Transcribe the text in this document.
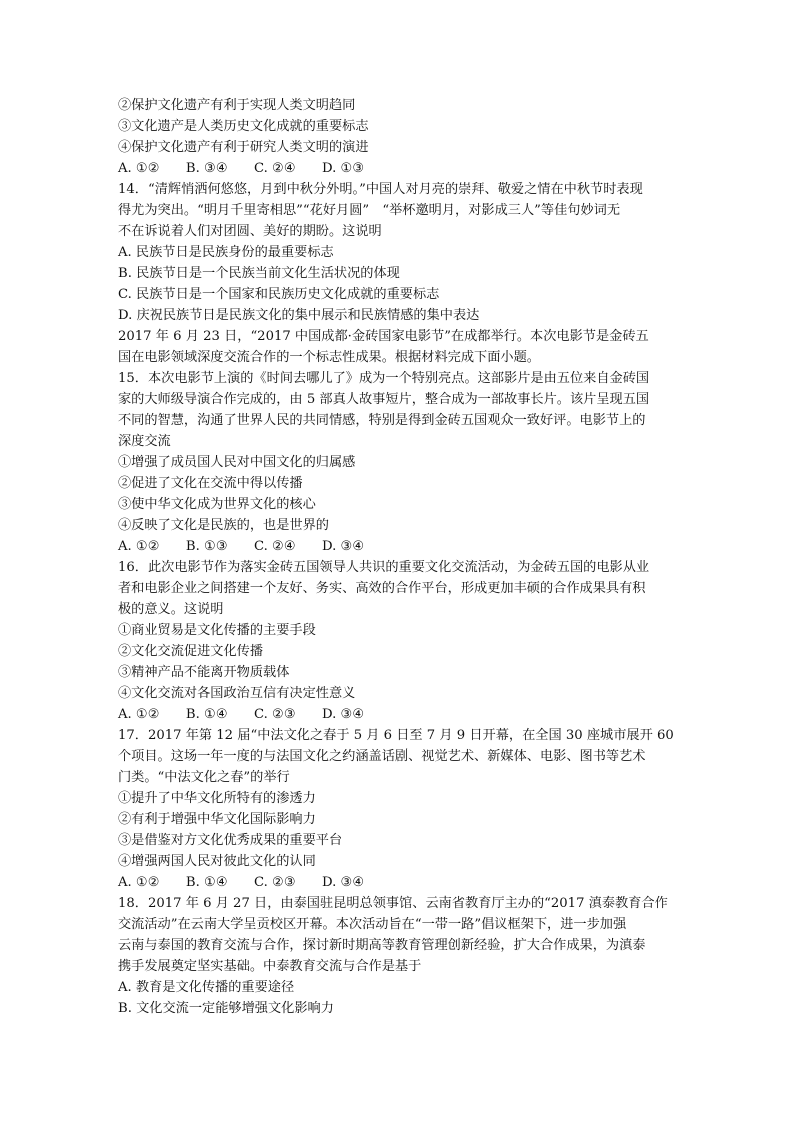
②保护文化遗产有利于实现人类文明趋同
③文化遗产是人类历史文化成就的重要标志
④保护文化遗产有利于研究人类文明的演进
A. ①②　　B. ③④　　C. ②④　　D. ①③
14．“清辉悄洒何悠悠，月到中秋分外明。”中国人对月亮的崇拜、敬爱之情在中秋节时表现
得尤为突出。“明月千里寄相思”“花好月圆”　“举杯邀明月，对影成三人”等佳句妙词无
不在诉说着人们对团圆、美好的期盼。这说明
A. 民族节日是民族身份的最重要标志
B. 民族节日是一个民族当前文化生活状况的体现
C. 民族节日是一个国家和民族历史文化成就的重要标志
D. 庆祝民族节日是民族文化的集中展示和民族情感的集中表达
2017 年 6 月 23 日，“2017 中国成都·金砖国家电影节”在成都举行。本次电影节是金砖五
国在电影领域深度交流合作的一个标志性成果。根据材料完成下面小题。
15．本次电影节上演的《时间去哪儿了》成为一个特别亮点。这部影片是由五位来自金砖国
家的大师级导演合作完成的，由 5 部真人故事短片，整合成为一部故事长片。该片呈现五国
不同的智慧，沟通了世界人民的共同情感，特别是得到金砖五国观众一致好评。电影节上的
深度交流
①增强了成员国人民对中国文化的归属感
②促进了文化在交流中得以传播
③使中华文化成为世界文化的核心
④反映了文化是民族的，也是世界的
A. ①②　　B. ①③　　C. ②④　　D. ③④
16．此次电影节作为落实金砖五国领导人共识的重要文化交流活动，为金砖五国的电影从业
者和电影企业之间搭建一个友好、务实、高效的合作平台，形成更加丰硕的合作成果具有积
极的意义。这说明
①商业贸易是文化传播的主要手段
②文化交流促进文化传播
③精神产品不能离开物质载体
④文化交流对各国政治互信有决定性意义
A. ①②　　B. ①④　　C. ②③　　D. ③④
17．2017 年第 12 届“中法文化之春于 5 月 6 日至 7 月 9 日开幕，在全国 30 座城市展开 60
个项目。这场一年一度的与法国文化之约涵盖话剧、视觉艺术、新媒体、电影、图书等艺术
门类。“中法文化之春”的举行
①提升了中华文化所特有的渗透力
②有利于增强中华文化国际影响力
③是借鉴对方文化优秀成果的重要平台
④增强两国人民对彼此文化的认同
A. ①②　　B. ①④　　C. ②③　　D. ③④
18．2017 年 6 月 27 日，由泰国驻昆明总领事馆、云南省教育厅主办的“2017 滇泰教育合作
交流活动”在云南大学呈贡校区开幕。本次活动旨在“一带一路”倡议框架下，进一步加强
云南与泰国的教育交流与合作，探讨新时期高等教育管理创新经验，扩大合作成果，为滇泰
携手发展奠定坚实基础。中泰教育交流与合作是基于
A. 教育是文化传播的重要途径
B. 文化交流一定能够增强文化影响力
